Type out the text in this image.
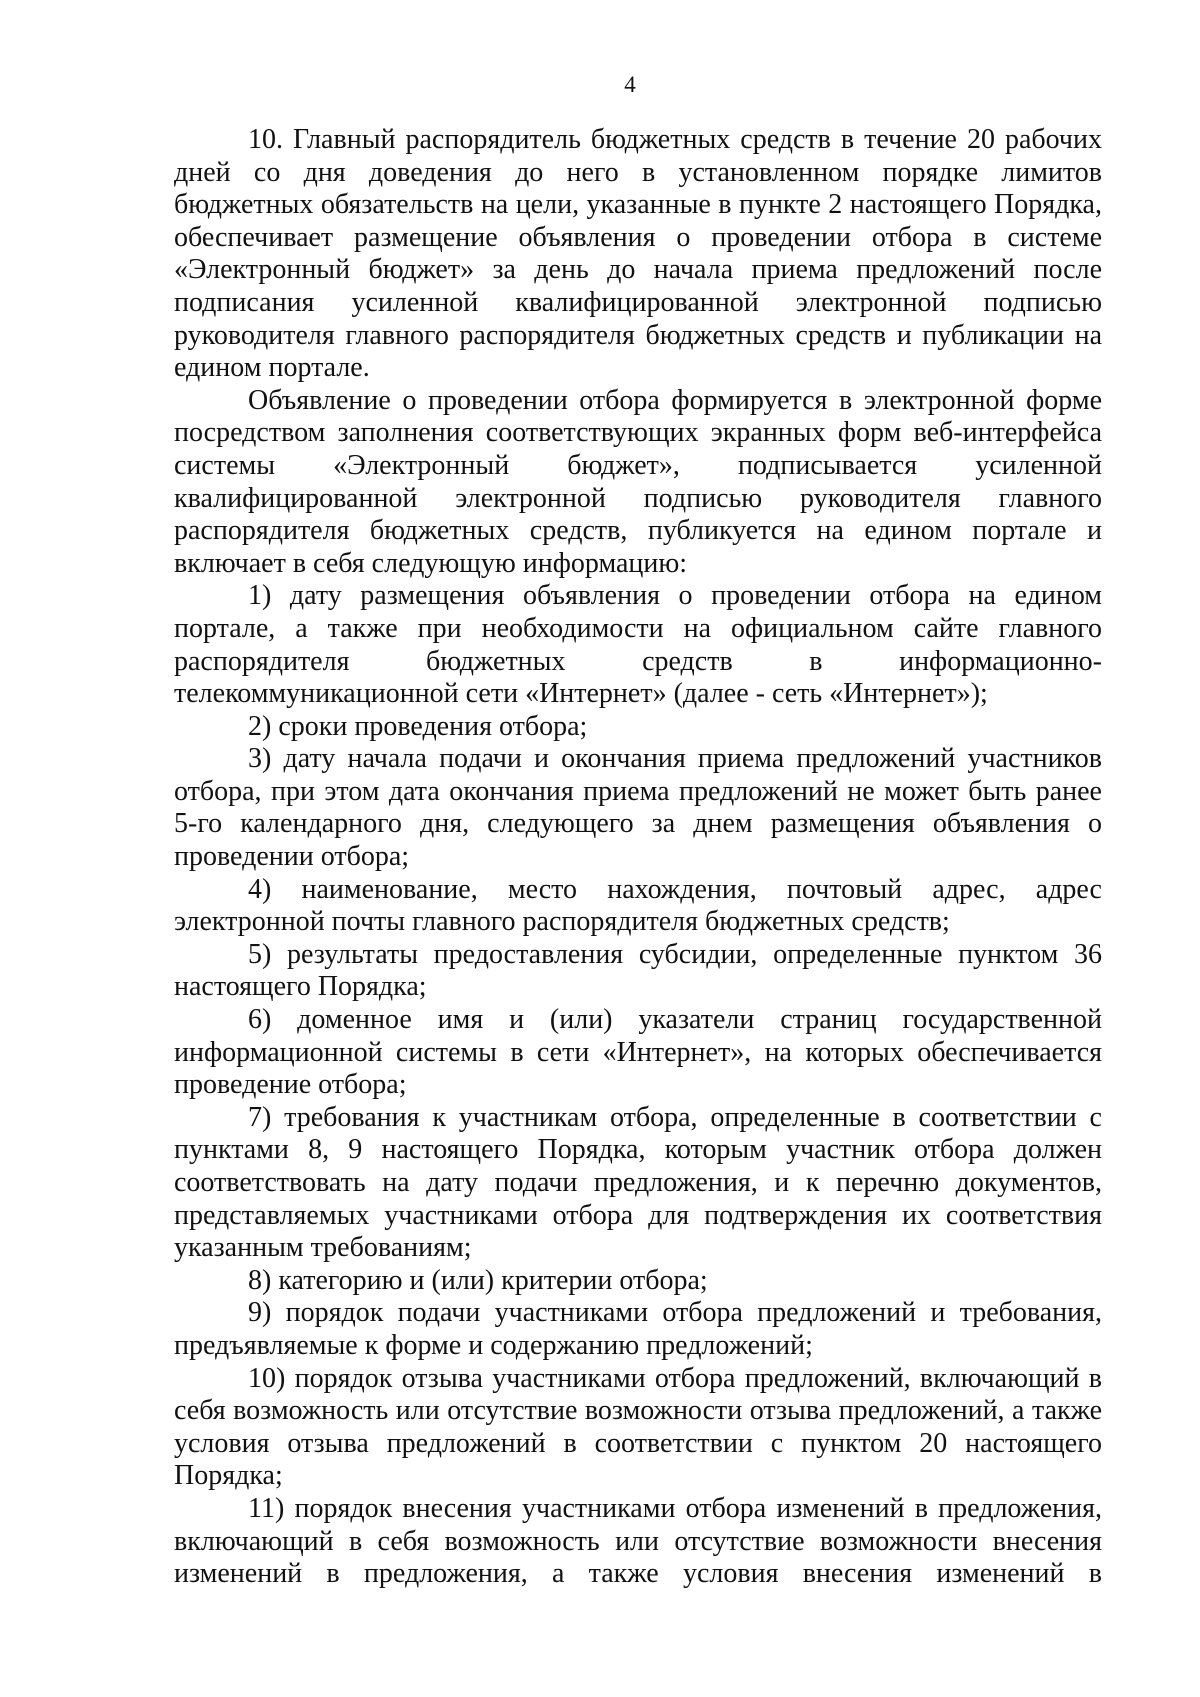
4

10. Главный распорядитель бюджетных средств в течение 20 рабочих дней со дня доведения до него в установленном порядке лимитов бюджетных обязательств на цели, указанные в пункте 2 настоящего Порядка, обеспечивает размещение объявления о проведении отбора в системе «Электронный бюджет» за день до начала приема предложений после подписания усиленной квалифицированной электронной подписью руководителя главного распорядителя бюджетных средств и публикации на едином портале.

Объявление о проведении отбора формируется в электронной форме посредством заполнения соответствующих экранных форм веб-интерфейса системы «Электронный бюджет», подписывается усиленной квалифицированной электронной подписью руководителя главного распорядителя бюджетных средств, публикуется на едином портале и включает в себя следующую информацию:

1) дату размещения объявления о проведении отбора на едином портале, а также при необходимости на официальном сайте главного распорядителя бюджетных средств в информационно-телекоммуникационной сети «Интернет» (далее - сеть «Интернет»);

2) сроки проведения отбора;

3) дату начала подачи и окончания приема предложений участников отбора, при этом дата окончания приема предложений не может быть ранее 5-го календарного дня, следующего за днем размещения объявления о проведении отбора;

4) наименование, место нахождения, почтовый адрес, адрес электронной почты главного распорядителя бюджетных средств;

5) результаты предоставления субсидии, определенные пунктом 36 настоящего Порядка;

6) доменное имя и (или) указатели страниц государственной информационной системы в сети «Интернет», на которых обеспечивается проведение отбора;

7) требования к участникам отбора, определенные в соответствии с пунктами 8, 9 настоящего Порядка, которым участник отбора должен соответствовать на дату подачи предложения, и к перечню документов, представляемых участниками отбора для подтверждения их соответствия указанным требованиям;

8) категорию и (или) критерии отбора;

9) порядок подачи участниками отбора предложений и требования, предъявляемые к форме и содержанию предложений;

10) порядок отзыва участниками отбора предложений, включающий в себя возможность или отсутствие возможности отзыва предложений, а также условия отзыва предложений в соответствии с пунктом 20 настоящего Порядка;

11) порядок внесения участниками отбора изменений в предложения, включающий в себя возможность или отсутствие возможности внесения изменений в предложения, а также условия внесения изменений в
